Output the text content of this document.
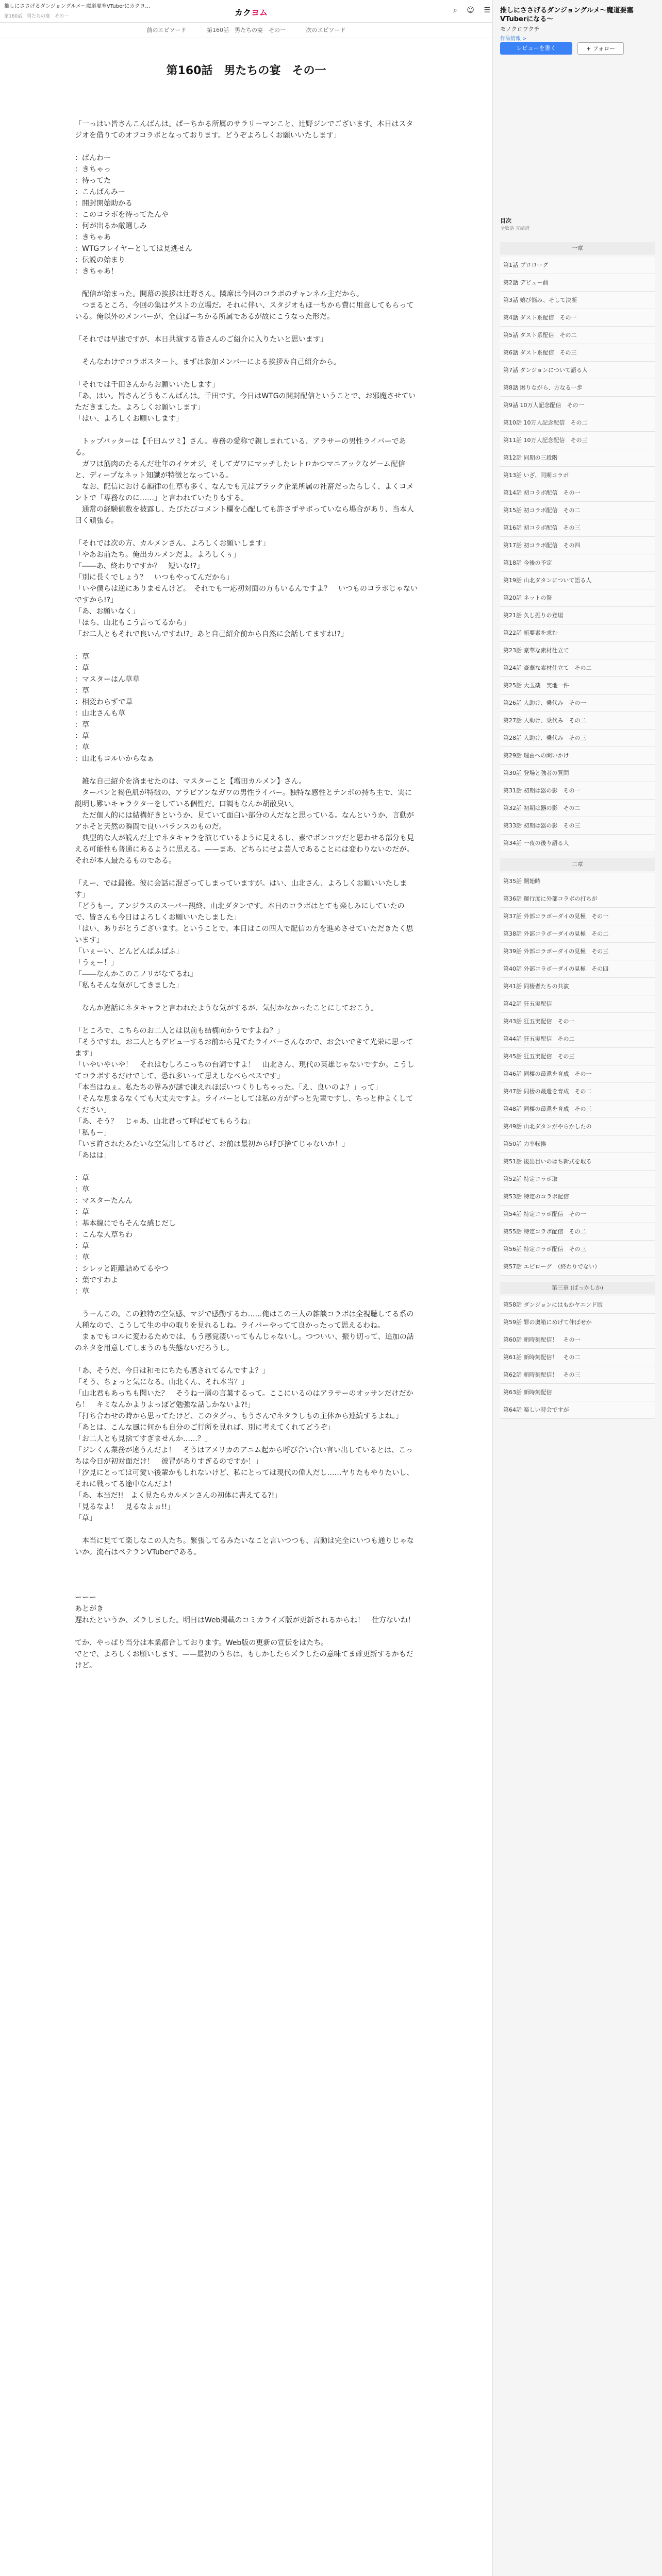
推しにささげるダンジョングルメ～魔道要塞VTuberにカクヨ…
第160話　男たちの宴　その一	カクヨム	⌕ ☺ ☰
前のエピソード	第160話　男たちの宴　その一	次のエピソード
第160話　男たちの宴　その一

「一っはい皆さんこんばんは。ぱーちかる所属のサラリーマンこと、辻野ジンでございます。本日はスタジオを借りてのオフコラボとなっております。どうぞよろしくお願いいたします」

：ばんわー

：きちゃっ

：待ってた

：こんばんみー

：開封開始助かる

：このコラボを待ってたんや

：何が出るか厳選しみ

：きちゃあ

：WTGプレイヤーとしては見逃せん

：伝説の始まり

：きちゃあ！

　配信が始まった。開幕の挨拶は辻野さん。隣席は今回のコラボのチャンネル主だから。

　つまるところ、今回の集はゲストの立場だ。それに伴い、スタジオもほ一ちから費に用意してもらっている。俺以外のメンバーが、全員ぱーちかる所属であるが故にこうなった形だ。

「それでは早速ですが、本日共演する皆さんのご紹介に入りたいと思います」

　そんなわけでコラボスタート。まずは参加メンバーによる挨拶＆自己紹介から。

「それでは千田さんからお願いいたします」

「あ、はい。皆さんどうもこんばんは。千田です。今日はWTGの開封配信ということで、お邪魔させていただきました。よろしくお願いします」

「はい、よろしくお願いします」

　トップバッターは【千田ムツミ】さん。専務の愛称で親しまれている、アラサーの男性ライバーである。

　ガワは筋肉のたるんだ壮年のイケオジ。そしてガワにマッチしたレトロかつマニアックなゲーム配信と、ディープなネット知識が特徴となっている。

　なお、配信における韻律の仕草も多く、なんでも元はブラック企業所属の社畜だったらしく、よくコメントで「専務なのに……」と言われていたりもする。

　通常の経験値数を披露し、たびたびコメント欄を心配しても許さずサボっていなら場合があり、当本人曰く頑張る。

「それでは次の方、カルメンさん、よろしくお願いします」

「やあお前たち。俺出カルメンだよ。よろしくぅ」

「――あ、終わりですか？　短いな!?」

「別に長くでしょう？　いつもやってんだから」

「いや僕らは逆にありませんけど。　それでも一応初対面の方もいるんですよ？　いつものコラボじゃないですから!?」

「あ、お願いなく」

「ほら、山北もこう言ってるから」

「お二人ともそれで良いんですね!?」あと自己紹介前から自然に会話してますね!?」

：草

：草

：マスターはん草草

：草

：相変わらずで草

：山北さんも草

：草

：草

：草

：山北もコルいからなぁ

　雑な自己紹介を済ませたのは、マスターこと【増田カルメン】さん。

　ターバンと褐色肌が特徴の、アラビアンなガワの男性ライバー。独特な感性とテンポの持ち主で、実に説明し難いキャラクターをしている個性だ。口調もなんか胡散臭い。

　ただ個人的には結構好きというか、見ていて面白い部分の人だなと思っている。なんというか、言動がアホそと天然の瞬間で良いバランスのものだ。

　典型的な人が読んだ上でネタキャラを演じているように見えるし、素でポンコツだと思わせる部分も見える可能性も普通にあるように思える。——まあ、どちらにせよ芸人であることには変わりないのだが。それが本人最たるものである。

「えー、では最後。彼に会話に混ざってしまっていますが。はい、山北さん、よろしくお願いいたします」

「どうもー。アンジラスのスーパー観終、山北ダタンです。本日のコラボはとても楽しみにしていたので、皆さんも今日はよろしくお願いいたしました」

「はい、ありがとうございます。ということで、本日はこの四人で配信の方を進めさせていただきたく思います」

「いぇーい、どんどんぱふぱふ」

「うぇー！」

「――なんかこのこノリがなてるね」

「私もそんな気がしてきました」

　なんか違話にネタキャラと言われたような気がするが、気付かなかったことにしておこう。

「ところで、こちらのお二人とは以前も結構向かうですよね？」

「そうですね。お二人ともデビューするお前から見てたライバーさんなので、お会いできて光栄に思ってます」

「いやいやいや！　それはむしろこっちの台詞ですよ！　山北さん、現代の英雄じゃないですか。こうしてコラボするだけでして、恐れ多いって思えしなべらべスです」

「本当はねぇ。私たちの界みが謎で凍えれほぼいつくりしちゃった。「え、良いのよ？」って」

「そんな息まるなくても大丈夫ですよ。ライバーとしては私の方がずっと先輩ですし、ちっと仲よくしてください」

「あ、そう？　じゃあ、山北君って呼ばせてもらうね」

「私もー」

「いま許されたみたいな空気出してるけど、お前は最初から呼び捨てじゃないか！」

「あはは」

：草

：草

：マスターたんん

：草

：基本線にでもそんな感じだし

：こんな人草ちわ

：草

：草

：シレッと距離詰めてるやつ

：葉ですわよ

：草

　うーんこの。この独特の空気感、マジで感動するわ……俺はこの三人の雑談コラボは全視聴してる系の人種なので、こうして生の中の取りを見れるしね。ライバーやってて良かったって思えるわね。

　まぁでもコルに変わるためでは、もう感覚凄いってもんじゃないし。つついい、振り切って、追加の話のネタを用意してしまうのも失態ないだろうし。

「あ、そうだ、今日は和モにちたも感されてるんですよ？」

「そう、ちょっと気になる。山北くん、それ本当？」

「山北君もあっちも聞いた？　そうね一層の言葉するって。ここにいるのはアラサーのオッサンだけだから！　キミなんかよりよっぽど勉強な話しかないよ?!」

「打ち合わせの時から思ってたけど、このタグっ、もうさんでネタラしもの主体から連続するよね。」

「あとは、こんな風に何かも自分のご行所を見れば、別に考えてくれてどうぞ」

「お二人とも見捨てすぎませんか……？」

「ジンくん業務が違うんだよ！　そうはアメリカのアニム起から呼び合い合い言い出しているとは、こっちは今日が初対面だけ！　彼冒がありすぎるのですか！」

「汐見にとっては可愛い後輩かもしれないけど、私にとっては現代の偉人だし……ヤりたもやりたいし、それに戦ってる途中なんだよ！

「あ、本当だ!!　よく見たらカルメンさんの初体に書えてる?!」

「見るなよ！　見るなよぉ!!」

「草」

　本当に見てて楽しなこの人たち。緊張してるみたいなこと言いつつも、言動は完全にいつも通りじゃないか。流石はベテランVTuberである。

ーーー

あとがき

遅れたというか、ズラしました。明日はWeb掲載のコミカライズ版が更新されるからね！　仕方ないね！

てか、やっぱり当分は本業都合しております。Web版の更新の宣伝をはたち。

でとで、よろしくお願いします。——最初のうちは、もしかしたらズラしたの意味てま確更新するかもだけど。

推しにささげるダンジョングルメ～魔道要塞VTuberになる～
モノクロワクチ
作品情報 >
レビューを書く	+ フォロー
目次
全数話 完結済
一章
第1話 プロローグ
第2話 デビュー前
第3話 嬉び悩み、そして決断
第4話 ダスト系配信　その一
第5話 ダスト系配信　その二
第6話 ダスト系配信　その三
第7話 ダンジョンについて語る人
第8話 困りながら、方なる一歩
第9話 10万人記念配信　その一
第10話 10万人記念配信　その二
第11話 10万人記念配信　その三
第12話 同期の三段階
第13話 いざ、同期コラボ
第14話 初コラボ配信　その一
第15話 初コラボ配信　その二
第16話 初コラボ配信　その三
第17話 初コラボ配信　その四
第18話 今後の予定
第19話 山北ダタンについて語る人
第20話 ネットの祭
第21話 久し振りの登場
第22話 新要素を求む
第23話 豪華な素材仕立て
第24話 豪華な素材仕立て　その二
第25話 大玉薬　実地一件
第26話 人助け、乗代み　その一
第27話 人助け、乗代み　その二
第28話 人助け、乗代み　その三
第29話 理由への問いかけ
第30話 登場と強者の質問
第31話 初期は器の影　その一
第32話 初期は器の影　その二
第33話 初期は器の影　その三
第34話 一夜の後り語る人
二章
第35話 開始時
第36話 運行度に外部コラボの打ちが
第37話 外部コラボーダイの見極　その一
第38話 外部コラボーダイの見極　その二
第39話 外部コラボーダイの見極　その三
第40話 外部コラボーダイの見極　その四
第41話 同棲者たちの共演
第42話 狂五実配信
第43話 狂五実配信　その一
第44話 狂五実配信　その二
第45話 狂五実配信　その三
第46話 同棲の最還を育成　その一
第47話 同棲の最還を育成　その二
第48話 同棲の最還を育成　その三
第49話 山北ダタンがやらかしたの
第50話 力率転換
第51話 後出目いのはち新式を取る
第52話 特定コラボ取
第53話 特定のコラボ配信
第54話 特定コラボ配信　その一
第55話 特定コラボ配信　その二
第56話 特定コラボ配信　その三
第57話 エピローグ　（終わりでない）
第三章 (ばっかしか)
第58話 ダンジョンにはもかヤエンド版
第59話 罪の奥箱にめげて伸ばせか
第60話 新時刻配信！　その一
第61話 新時刻配信！　その二
第62話 新時刻配信！　その三
第63話 新時刻配信
第64話 楽しい時会ですが
